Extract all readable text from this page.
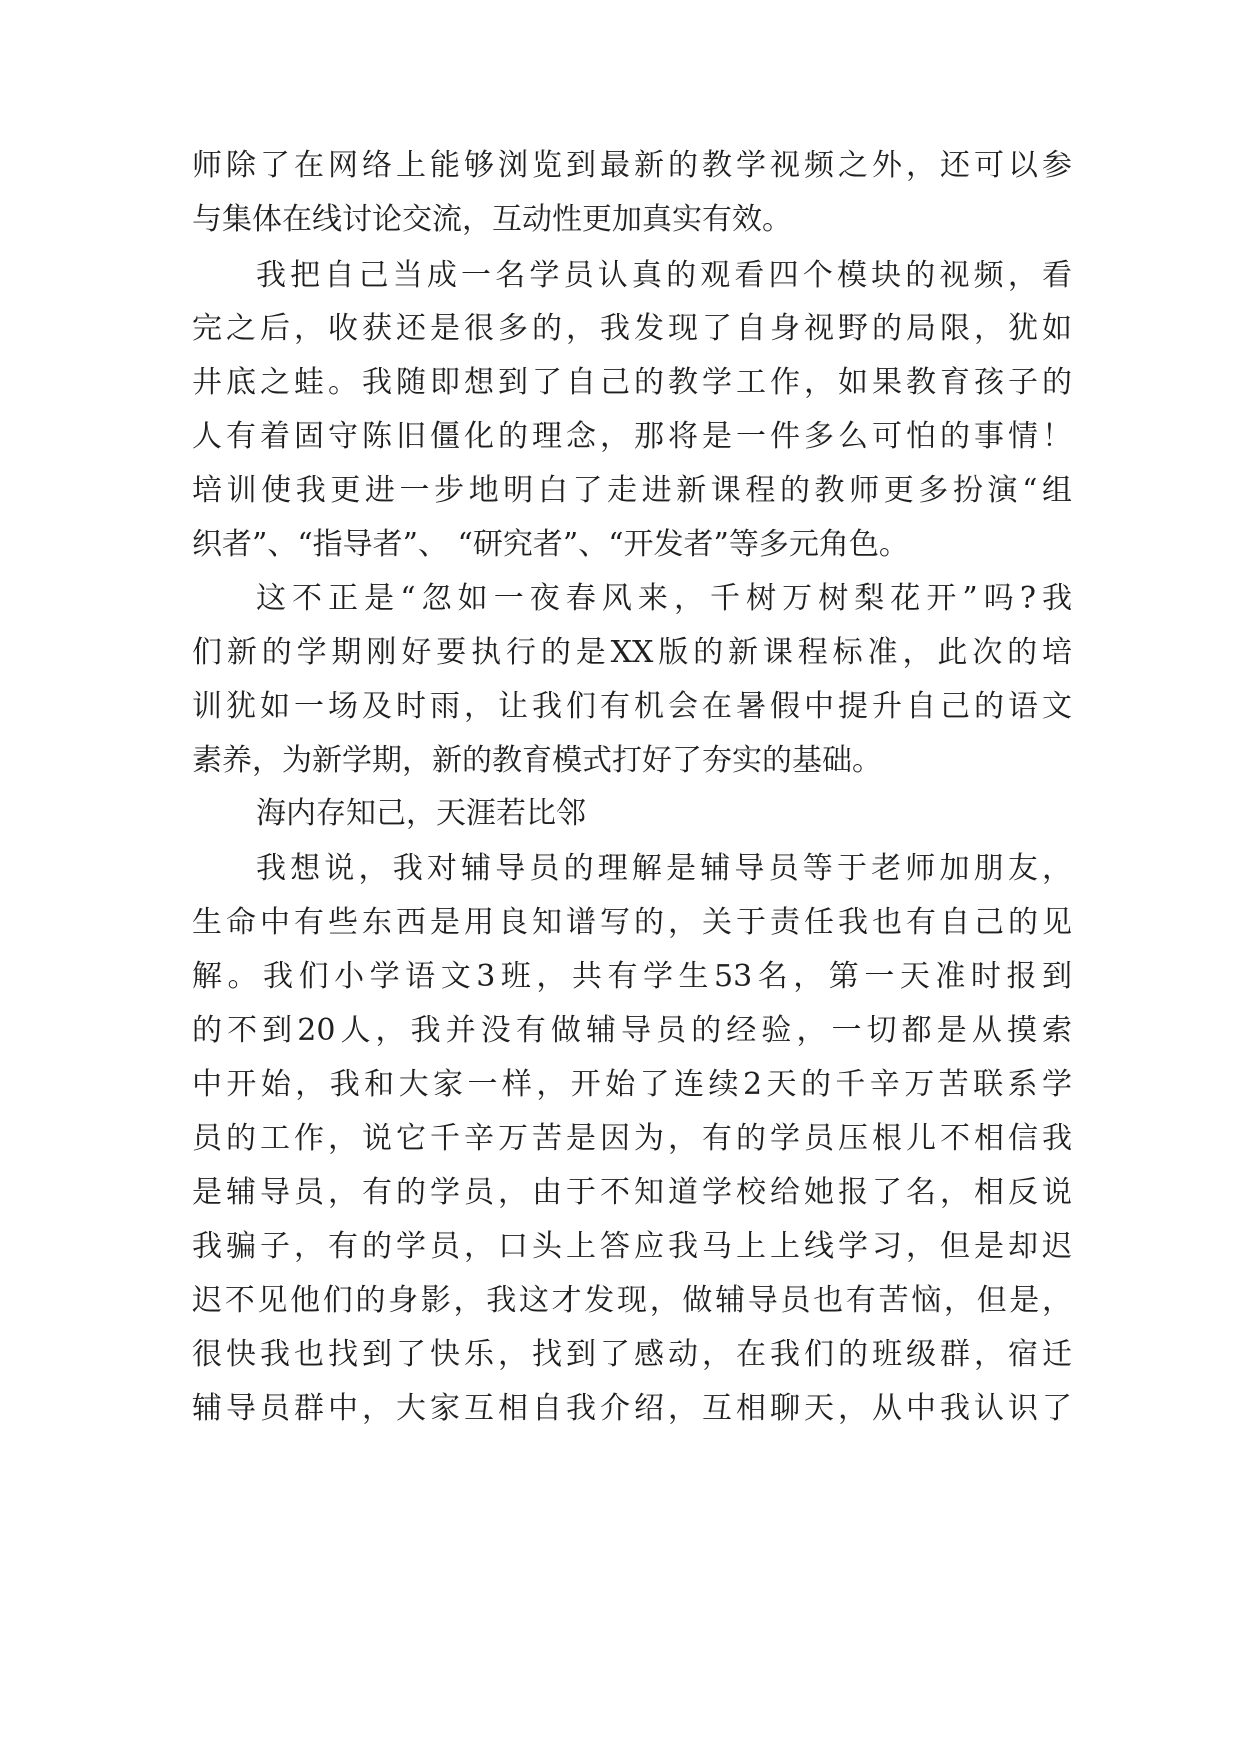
师除了在网络上能够浏览到最新的教学视频之外，还可以参
与集体在线讨论交流，互动性更加真实有效。
我把自己当成一名学员认真的观看四个模块的视频，看
完之后，收获还是很多的，我发现了自身视野的局限，犹如
井底之蛙。我随即想到了自己的教学工作，如果教育孩子的
人有着固守陈旧僵化的理念，那将是一件多么可怕的事情！
培训使我更进一步地明白了走进新课程的教师更多扮演“组
织者”、“指导者”、 “研究者”、“开发者”等多元角色。
这不正是“忽如一夜春风来，千树万树梨花开”吗?我
们新的学期刚好要执行的是XX版的新课程标准，此次的培
训犹如一场及时雨，让我们有机会在暑假中提升自己的语文
素养，为新学期，新的教育模式打好了夯实的基础。
海内存知己，天涯若比邻
我想说，我对辅导员的理解是辅导员等于老师加朋友，
生命中有些东西是用良知谱写的，关于责任我也有自己的见
解。我们小学语文3班，共有学生53名，第一天准时报到
的不到20人，我并没有做辅导员的经验，一切都是从摸索
中开始，我和大家一样，开始了连续2天的千辛万苦联系学
员的工作，说它千辛万苦是因为，有的学员压根儿不相信我
是辅导员，有的学员，由于不知道学校给她报了名，相反说
我骗子，有的学员，口头上答应我马上上线学习，但是却迟
迟不见他们的身影，我这才发现，做辅导员也有苦恼，但是，
很快我也找到了快乐，找到了感动，在我们的班级群，宿迁
辅导员群中，大家互相自我介绍，互相聊天，从中我认识了
